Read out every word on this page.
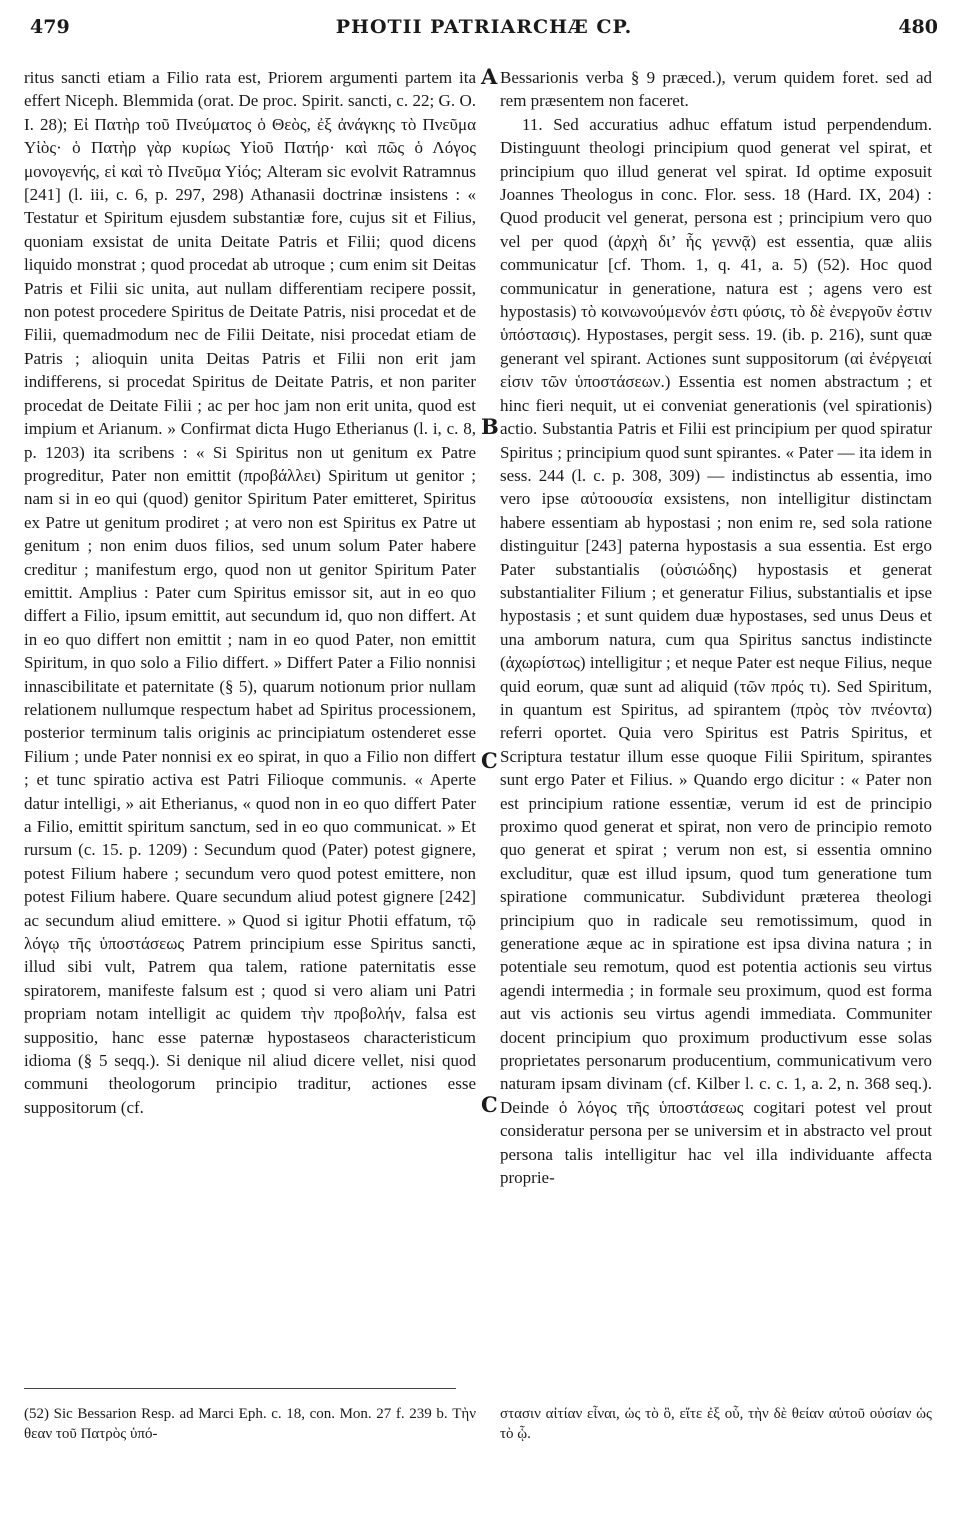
479	PHOTII PATRIARCHÆ CP.	480

ritus sancti etiam a Filio rata est, Priorem argumenti partem ita effert Niceph. Blemmida (orat. De proc. Spirit. sancti, c. 22; G. O. I. 28); Εἰ Πατὴρ τοῦ Πνεύματος ὁ Θεὸς, ἐξ ἀνάγκης τὸ Πνεῦμα Υἱὸς· ὁ Πατὴρ γὰρ κυρίως Υἱοῦ Πατήρ· καὶ πῶς ὁ Λόγος μονογενής, εἰ καὶ τὸ Πνεῦμα Υἱός; Alteram sic evolvit Ratramnus [241] (l. iii, c. 6, p. 297, 298) Athanasii doctrinæ insistens : « Testatur et Spiritum ejusdem substantiæ fore, cujus sit et Filius, quoniam exsistat de unita Deitate Patris et Filii; quod dicens liquido monstrat ; quod procedat ab utroque ; cum enim sit Deitas Patris et Filii sic unita, aut nullam differentiam recipere possit, non potest procedere Spiritus de Deitate Patris, nisi procedat et de Filii, quemadmodum nec de Filii Deitate, nisi procedat etiam de Patris ; alioquin unita Deitas Patris et Filii non erit jam indifferens, si procedat Spiritus de Deitate Patris, et non pariter procedat de Deitate Filii ; ac per hoc jam non erit unita, quod est impium et Arianum. » Confirmat dicta Hugo Etherianus (l. i, c. 8, p. 1203) ita scribens : « Si Spiritus non ut genitum ex Patre progreditur, Pater non emittit (προβάλλει) Spiritum ut genitor ; nam si in eo qui (quod) genitor Spiritum Pater emitteret, Spiritus ex Patre ut genitum prodiret ; at vero non est Spiritus ex Patre ut genitum ; non enim duos filios, sed unum solum Pater habere creditur ; manifestum ergo, quod non ut genitor Spiritum Pater emittit. Amplius : Pater cum Spiritus emissor sit, aut in eo quo differt a Filio, ipsum emittit, aut secundum id, quo non differt. At in eo quo differt non emittit ; nam in eo quod Pater, non emittit Spiritum, in quo solo a Filio differt. » Differt Pater a Filio nonnisi innascibilitate et paternitate (§ 5), quarum notionum prior nullam relationem nullumque respectum habet ad Spiritus processionem, posterior terminum talis originis ac principiatum ostenderet esse Filium ; unde Pater nonnisi ex eo spirat, in quo a Filio non differt ; et tunc spiratio activa est Patri Filioque communis. « Aperte datur intelligi, » ait Etherianus, « quod non in eo quo differt Pater a Filio, emittit spiritum sanctum, sed in eo quo communicat. » Et rursum (c. 15. p. 1209) : Secundum quod (Pater) potest gignere, potest Filium habere ; secundum vero quod potest emittere, non potest Filium habere. Quare secundum aliud potest gignere [242] ac secundum aliud emittere. » Quod si igitur Photii effatum, τῷ λόγῳ τῆς ὑποστάσεως Patrem principium esse Spiritus sancti, illud sibi vult, Patrem qua talem, ratione paternitatis esse spiratorem, manifeste falsum est ; quod si vero aliam uni Patri propriam notam intelligit ac quidem τὴν προβολήν, falsa est suppositio, hanc esse paternæ hypostaseos characteristicum idioma (§ 5 seqq.). Si denique nil aliud dicere vellet, nisi quod communi theologorum principio traditur, actiones esse suppositorum (cf.

A
B
C
C

Bessarionis verba § 9 præced.), verum quidem foret. sed ad rem præsentem non faceret.

11. Sed accuratius adhuc effatum istud perpendendum. Distinguunt theologi principium quod generat vel spirat, et principium quo illud generat vel spirat. Id optime exposuit Joannes Theologus in conc. Flor. sess. 18 (Hard. IX, 204) : Quod producit vel generat, persona est ; principium vero quo vel per quod (ἀρχὴ δι’ ἧς γεννᾷ) est essentia, quæ aliis communicatur [cf. Thom. 1, q. 41, a. 5) (52). Hoc quod communicatur in generatione, natura est ; agens vero est hypostasis) τὸ κοινωνούμενόν ἐστι φύσις, τὸ δὲ ἐνεργοῦν ἐστιν ὑπόστασις). Hypostases, pergit sess. 19. (ib. p. 216), sunt quæ generant vel spirant. Actiones sunt suppositorum (αἱ ἐνέργειαί εἰσιν τῶν ὑποστάσεων.) Essentia est nomen abstractum ; et hinc fieri nequit, ut ei conveniat generationis (vel spirationis) actio. Substantia Patris et Filii est principium per quod spiratur Spiritus ; principium quod sunt spirantes. « Pater — ita idem in sess. 244 (l. c. p. 308, 309) — indistinctus ab essentia, imo vero ipse αὐτοουσία exsistens, non intelligitur distinctam habere essentiam ab hypostasi ; non enim re, sed sola ratione distinguitur [243] paterna hypostasis a sua essentia. Est ergo Pater substantialis (οὐσιώδης) hypostasis et generat substantialiter Filium ; et generatur Filius, substantialis et ipse hypostasis ; et sunt quidem duæ hypostases, sed unus Deus et una amborum natura, cum qua Spiritus sanctus indistincte (ἀχωρίστως) intelligitur ; et neque Pater est neque Filius, neque quid eorum, quæ sunt ad aliquid (τῶν πρός τι). Sed Spiritum, in quantum est Spiritus, ad spirantem (πρὸς τὸν πνέοντα) referri oportet. Quia vero Spiritus est Patris Spiritus, et Scriptura testatur illum esse quoque Filii Spiritum, spirantes sunt ergo Pater et Filius. » Quando ergo dicitur : « Pater non est principium ratione essentiæ, verum id est de principio proximo quod generat et spirat, non vero de principio remoto quo generat et spirat ; verum non est, si essentia omnino excluditur, quæ est illud ipsum, quod tum generatione tum spiratione communicatur. Subdividunt præterea theologi principium quo in radicale seu remotissimum, quod in generatione æque ac in spiratione est ipsa divina natura ; in potentiale seu remotum, quod est potentia actionis seu virtus agendi intermedia ; in formale seu proximum, quod est forma aut vis actionis seu virtus agendi immediata. Communiter docent principium quo proximum productivum esse solas proprietates personarum producentium, communicativum vero naturam ipsam divinam (cf. Kilber l. c. c. 1, a. 2, n. 368 seq.). Deinde ὁ λόγος τῆς ὑποστάσεως cogitari potest vel prout consideratur persona per se universim et in abstracto vel prout persona talis intelligitur hac vel illa individuante affecta proprie-

(52) Sic Bessarion Resp. ad Marci Eph. c. 18, con. Mon. 27 f. 239 b. Τὴν θεαν τοῦ Πατρὸς ὑπό-

στασιν αἰτίαν εἶναι, ὡς τὸ ὃ, εἴτε ἐξ οὗ, τὴν δὲ θείαν αὐτοῦ οὐσίαν ὡς τὸ ᾧ.
